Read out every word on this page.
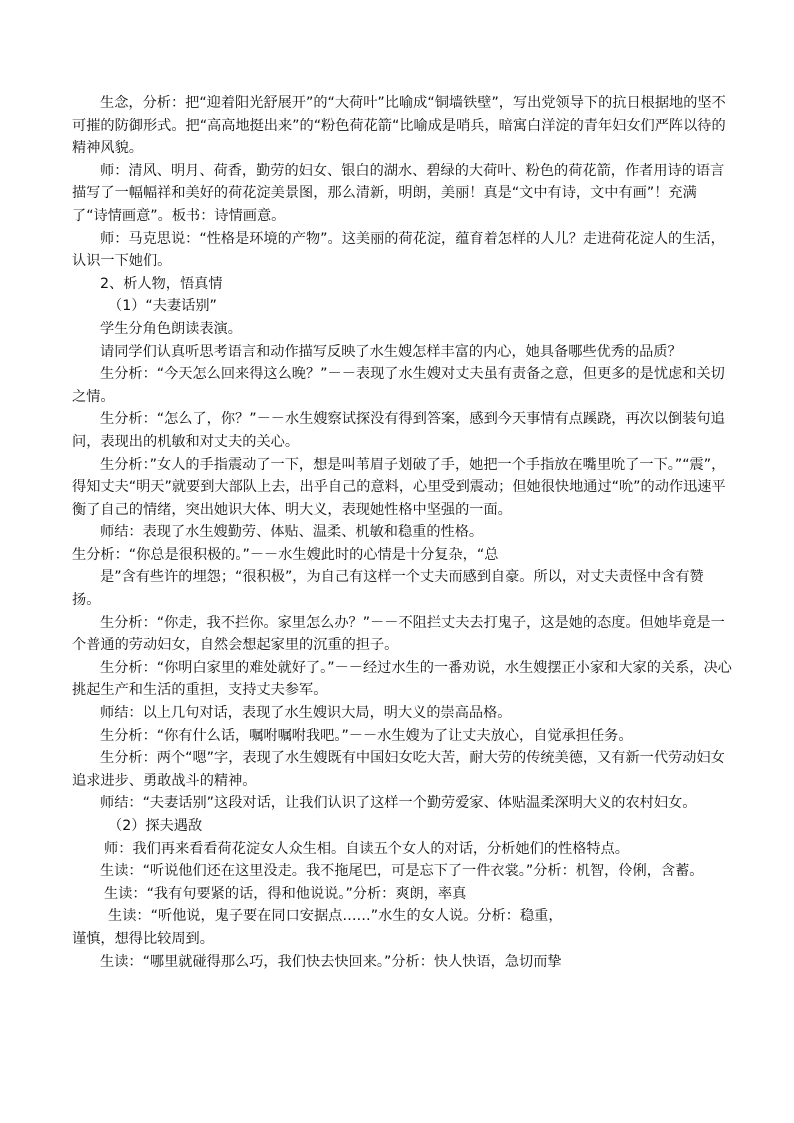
生念，分析：把“迎着阳光舒展开”的“大荷叶”比喻成“铜墙铁壁”，写出党领导下的抗日根据地的坚不可摧的防御形式。把“高高地挺出来”的“粉色荷花箭“比喻成是哨兵，暗寓白洋淀的青年妇女们严阵以待的精神风貌。

师：清风、明月、荷香，勤劳的妇女、银白的湖水、碧绿的大荷叶、粉色的荷花箭，作者用诗的语言描写了一幅幅祥和美好的荷花淀美景图，那么清新，明朗，美丽！真是“文中有诗，文中有画”！充满了“诗情画意”。板书：诗情画意。

师：马克思说：“性格是环境的产物”。这美丽的荷花淀，蕴育着怎样的人儿？走进荷花淀人的生活，认识一下她们。

2、析人物，悟真情

（1）“夫妻话别”

学生分角色朗读表演。

请同学们认真听思考语言和动作描写反映了水生嫂怎样丰富的内心，她具备哪些优秀的品质？

生分析：“今天怎么回来得这么晚？”－－表现了水生嫂对丈夫虽有责备之意，但更多的是忧虑和关切之情。

生分析：“怎么了，你？”－－水生嫂察试探没有得到答案，感到今天事情有点蹊跷，再次以倒装句追问，表现出的机敏和对丈夫的关心。

生分析：”女人的手指震动了一下，想是叫苇眉子划破了手，她把一个手指放在嘴里吮了一下。”“震”，得知丈夫“明天”就要到大部队上去，出乎自己的意料，心里受到震动；但她很快地通过“吮”的动作迅速平衡了自己的情绪，突出她识大体、明大义，表现她性格中坚强的一面。

师结：表现了水生嫂勤劳、体贴、温柔、机敏和稳重的性格。

生分析：“你总是很积极的。”－－水生嫂此时的心情是十分复杂，“总

是”含有些许的埋怨；“很积极”，为自己有这样一个丈夫而感到自豪。所以，对丈夫责怪中含有赞扬。

生分析：“你走，我不拦你。家里怎么办？”－－不阻拦丈夫去打鬼子，这是她的态度。但她毕竟是一个普通的劳动妇女，自然会想起家里的沉重的担子。

生分析：“你明白家里的难处就好了。”－－经过水生的一番劝说，水生嫂摆正小家和大家的关系，决心挑起生产和生活的重担，支持丈夫参军。

师结：以上几句对话，表现了水生嫂识大局，明大义的崇高品格。

生分析：“你有什么话，嘱咐嘱咐我吧。”－－水生嫂为了让丈夫放心，自觉承担任务。

生分析：两个“嗯”字，表现了水生嫂既有中国妇女吃大苦，耐大劳的传统美德，又有新一代劳动妇女追求进步、勇敢战斗的精神。

师结：“夫妻话别”这段对话，让我们认识了这样一个勤劳爱家、体贴温柔深明大义的农村妇女。

（2）探夫遇敌

师：我们再来看看荷花淀女人众生相。自读五个女人的对话，分析她们的性格特点。

生读：“听说他们还在这里没走。我不拖尾巴，可是忘下了一件衣裳。”分析：机智，伶俐，含蓄。

生读：“我有句要紧的话，得和他说说。”分析：爽朗，率真

生读：“听他说，鬼子要在同口安据点……”水生的女人说。分析：稳重，

谨慎，想得比较周到。

生读：“哪里就碰得那么巧，我们快去快回来。”分析：快人快语，急切而挚
